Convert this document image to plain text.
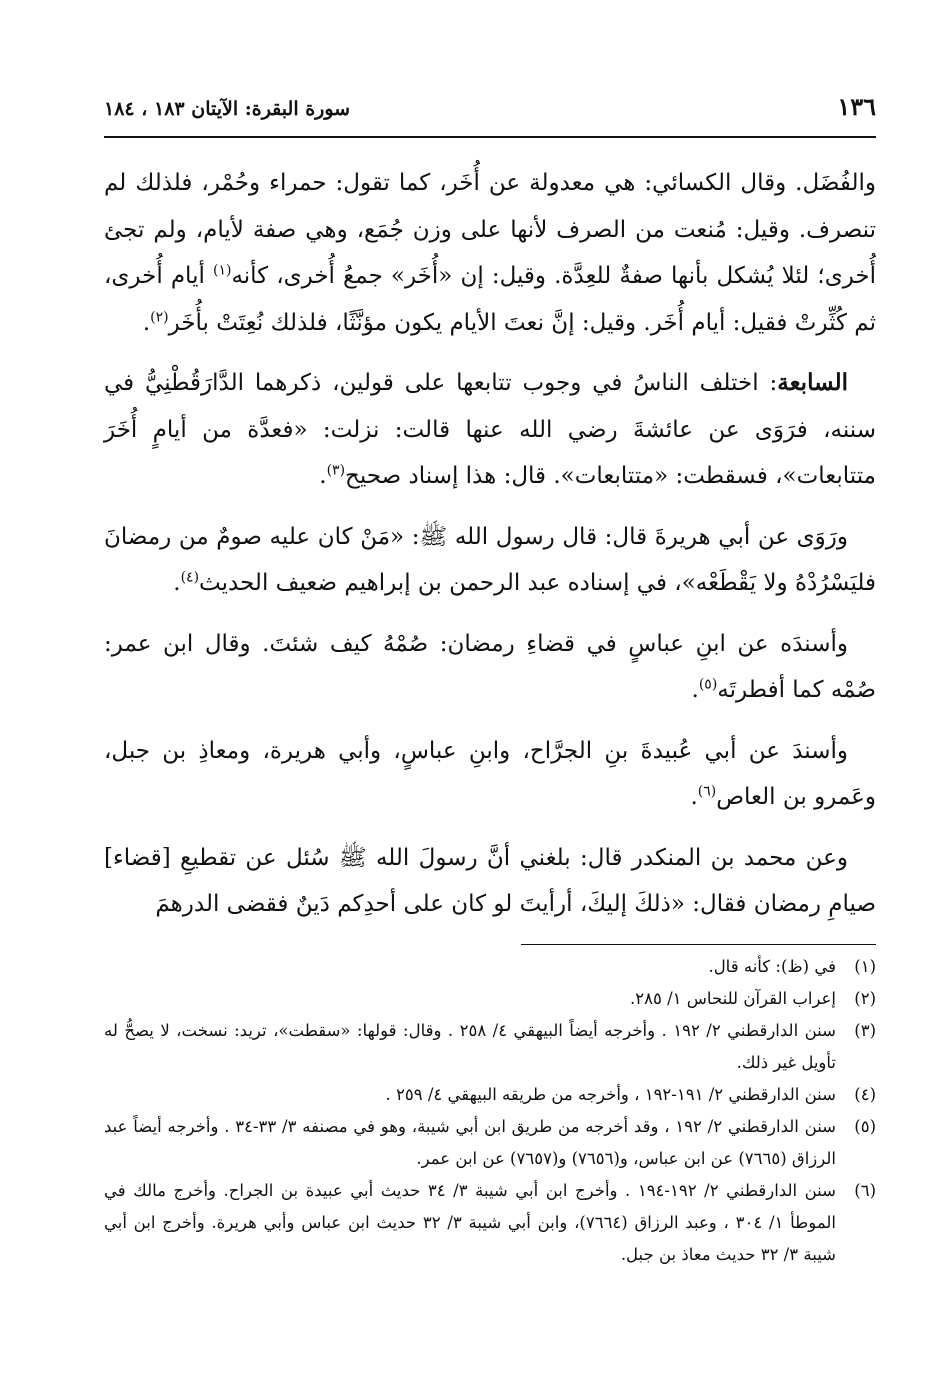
١٣٦
سورة البقرة: الآيتان ١٨٣ ، ١٨٤

والفُضَل. وقال الكسائي: هي معدولة عن أُخَر، كما تقول: حمراء وحُمْر، فلذلك لم تنصرف. وقيل: مُنعت من الصرف لأنها على وزن جُمَع، وهي صفة لأيام، ولم تجئ أُخرى؛ لئلا يُشكل بأنها صفةٌ للعِدَّة. وقيل: إن «أُخَر» جمعُ أُخرى، كأنه$^{(١)}$ أيام أُخرى، ثم كُثِّرتْ فقيل: أيام أُخَر. وقيل: إنَّ نعتَ الأيام يكون مؤنَّثًا، فلذلك نُعِتَتْ بأُخَر$^{(٢)}$.

السابعة: اختلف الناسُ في وجوب تتابعها على قولين، ذكرهما الدَّارَقُطْنِيُّ في سننه، فرَوَى عن عائشةَ رضي الله عنها قالت: نزلت: «فعدَّة من أيامٍ أُخَرَ متتابعات»، فسقطت: «متتابعات». قال: هذا إسناد صحيح$^{(٣)}$.

ورَوَى عن أبي هريرةَ قال: قال رسول الله ﷺ: «مَنْ كان عليه صومٌ من رمضانَ فليَسْرُدْهُ ولا يَقْطَعْه»، في إسناده عبد الرحمن بن إبراهيم ضعيف الحديث$^{(٤)}$.

وأسندَه عن ابنِ عباسٍ في قضاءِ رمضان: صُمْهُ كيف شئتَ. وقال ابن عمر: صُمْه كما أفطرتَه$^{(٥)}$.

وأسندَ عن أبي عُبيدةَ بنِ الجرَّاح، وابنِ عباسٍ، وأبي هريرة، ومعاذِ بن جبل، وعَمرو بن العاص$^{(٦)}$.

وعن محمد بن المنكدر قال: بلغني أنَّ رسولَ الله ﷺ سُئل عن تقطيعِ [قضاء] صيامِ رمضان فقال: «ذلكَ إليكَ، أرأيتَ لو كان على أحدِكم دَينٌ فقضى الدرهمَ

(١)
في (ظ): كأنه قال.
(٢)
إعراب القرآن للنحاس ١/ ٢٨٥.
(٣)
سنن الدارقطني ٢/ ١٩٢ . وأخرجه أيضاً البيهقي ٤/ ٢٥٨ . وقال: قولها: «سقطت»، تريد: نسخت، لا يصحُّ له تأويل غير ذلك.
(٤)
سنن الدارقطني ٢/ ١٩١-١٩٢ ، وأخرجه من طريقه البيهقي ٤/ ٢٥٩ .
(٥)
سنن الدارقطني ٢/ ١٩٢ ، وقد أخرجه من طريق ابن أبي شيبة، وهو في مصنفه ٣/ ٣٣-٣٤ . وأخرجه أيضاً عبد الرزاق (٧٦٦٥) عن ابن عباس، و(٧٦٥٦) و(٧٦٥٧) عن ابن عمر.
(٦)
سنن الدارقطني ٢/ ١٩٢-١٩٤ . وأخرج ابن أبي شيبة ٣/ ٣٤ حديث أبي عبيدة بن الجراح. وأخرج مالك في الموطأ ١/ ٣٠٤ ، وعبد الرزاق (٧٦٦٤)، وابن أبي شيبة ٣/ ٣٢ حديث ابن عباس وأبي هريرة. وأخرج ابن أبي شيبة ٣/ ٣٢ حديث معاذ بن جبل.
